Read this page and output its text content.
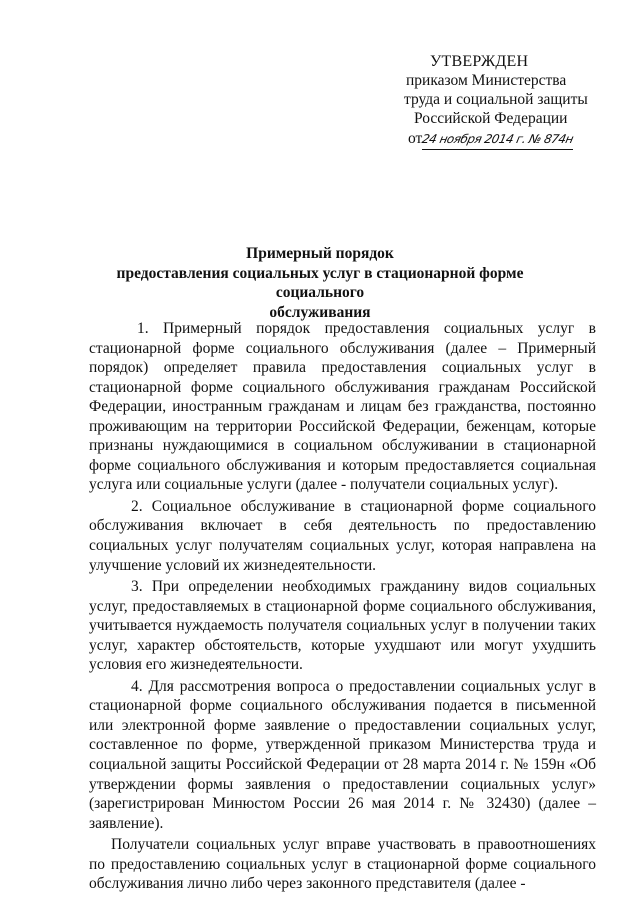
УТВЕРЖДЕН
приказом Министерства
труда и социальной защиты
Российской Федерации
от24 ноября 2014 г. № 874н
Примерный порядок
предоставления социальных услуг в стационарной форме социального
обслуживания

1. Примерный порядок предоставления социальных услуг в стационарной форме социального обслуживания (далее – Примерный порядок) определяет правила предоставления социальных услуг в стационарной форме социального обслуживания гражданам Российской Федерации, иностранным гражданам и лицам без гражданства, постоянно проживающим на территории Российской Федерации, беженцам, которые признаны нуждающимися в социальном обслуживании в стационарной форме социального обслуживания и которым предоставляется социальная услуга или социальные услуги (далее - получатели социальных услуг).

2. Социальное обслуживание в стационарной форме социального обслуживания включает в себя деятельность по предоставлению социальных услуг получателям социальных услуг, которая направлена на улучшение условий их жизнедеятельности.

3. При определении необходимых гражданину видов социальных услуг, предоставляемых в стационарной форме социального обслуживания, учитывается нуждаемость получателя социальных услуг в получении таких услуг, характер обстоятельств, которые ухудшают или могут ухудшить условия его жизнедеятельности.

4. Для рассмотрения вопроса о предоставлении социальных услуг в стационарной форме социального обслуживания подается в письменной или электронной форме заявление о предоставлении социальных услуг, составленное по форме, утвержденной приказом Министерства труда и социальной защиты Российской Федерации от 28 марта 2014 г. № 159н «Об утверждении формы заявления о предоставлении социальных услуг» (зарегистрирован Минюстом России 26 мая 2014 г. № 32430) (далее – заявление).

Получатели социальных услуг вправе участвовать в правоотношениях по предоставлению социальных услуг в стационарной форме социального обслуживания лично либо через законного представителя (далее -
